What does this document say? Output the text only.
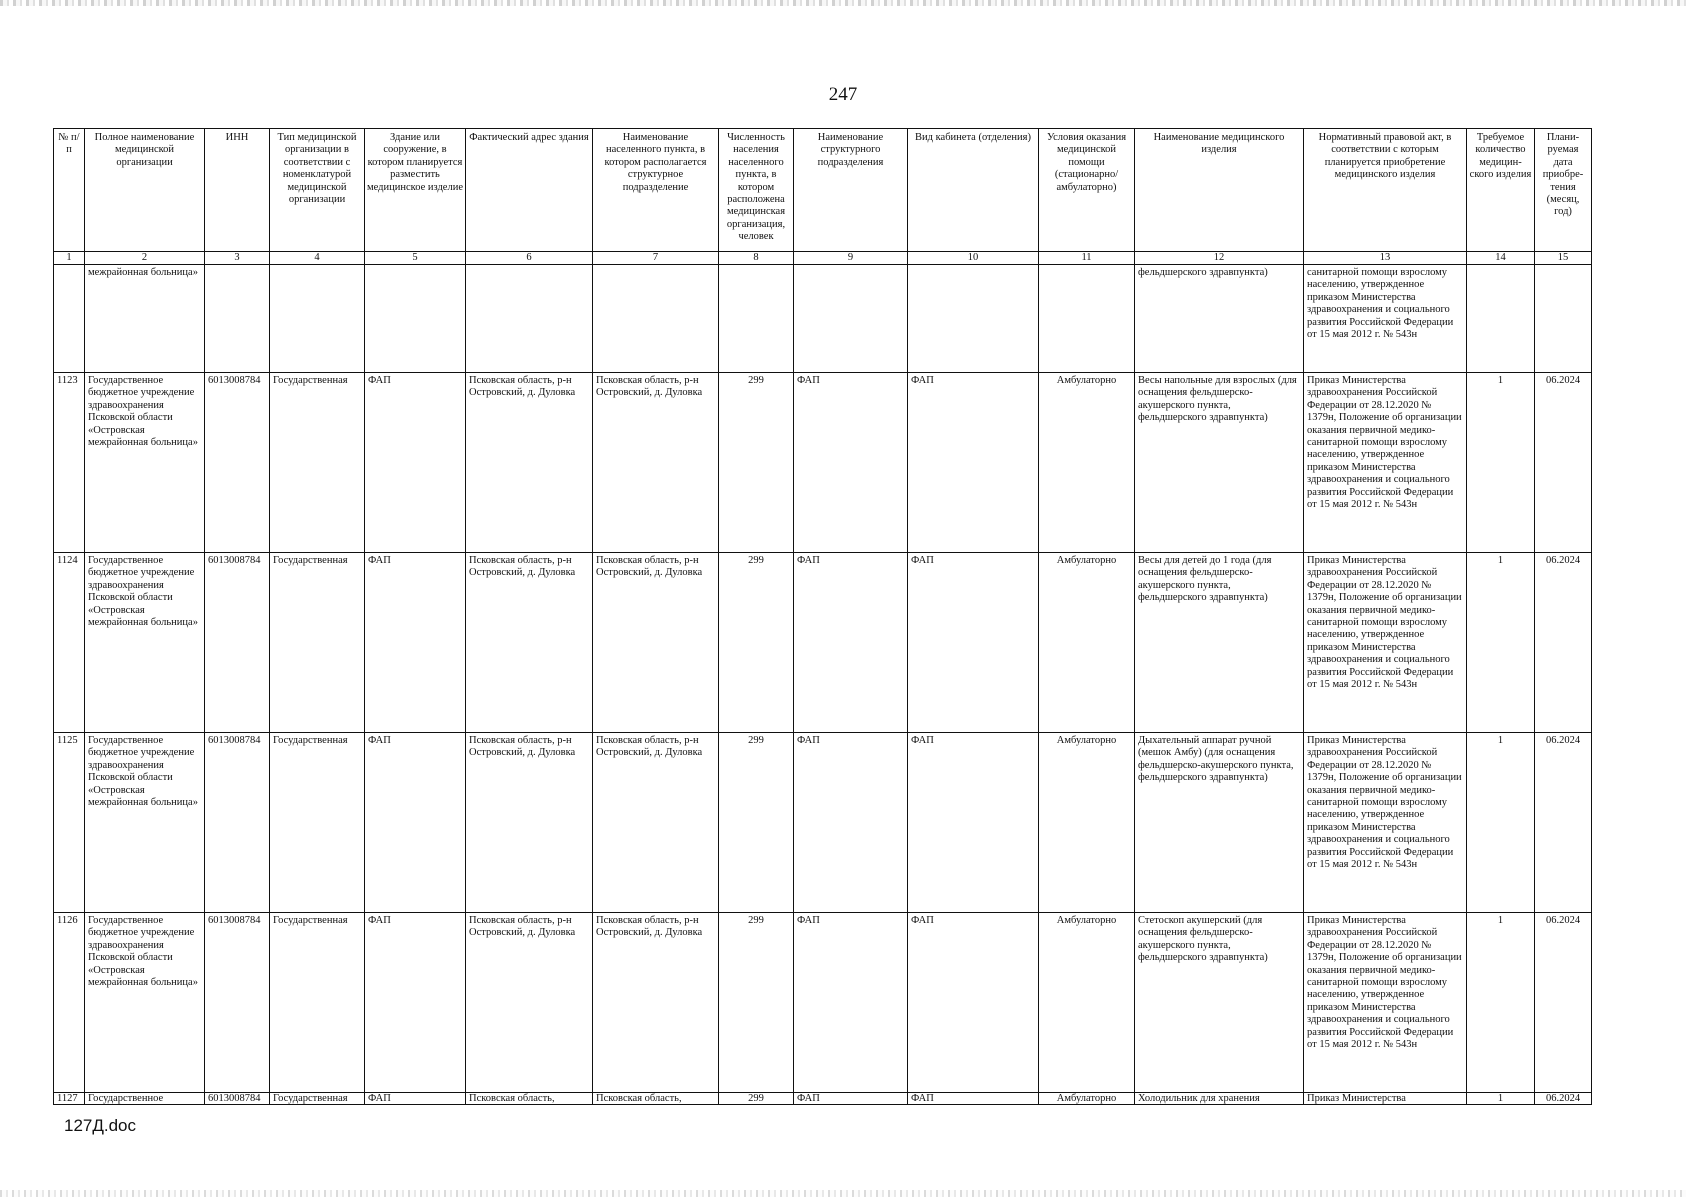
247
№ п/п	Полное наименование медицинской организации	ИНН	Тип медицинской организации в соответствии с номенклатурой медицинской организации	Здание или сооружение, в котором планируется разместить медицинское изделие	Фактический адрес здания	Наименование населенного пункта, в котором располагается структурное подразделение	Численность населения населенного пункта, в котором расположена медицинская организация, человек	Наименование структурного подразделения	Вид кабинета (отделения)	Условия оказания медицинской помощи (стационарно/ амбулаторно)	Наименование медицинского изделия	Нормативный правовой акт, в соответствии с которым планируется приобретение медицинского изделия	Требуемое количество медицин-ского изделия	Плани-руемая дата приобре-тения (месяц, год)
1	2	3	4	5	6	7	8	9	10	11	12	13	14	15
	межрайонная больница»										фельдшерского здравпункта)	санитарной помощи взрослому населению, утвержденное приказом Министерства здравоохранения и социального развития Российской Федерации от 15 мая 2012 г. № 543н		
1123	Государственное бюджетное учреждение здравоохранения Псковской области «Островская межрайонная больница»	6013008784	Государственная	ФАП	Псковская область, р-н Островский, д. Дуловка	Псковская область, р-н Островский, д. Дуловка	299	ФАП	ФАП	Амбулаторно	Весы напольные для взрослых (для оснащения фельдшерско-акушерского пункта, фельдшерского здравпункта)	Приказ Министерства здравоохранения Российской Федерации от 28.12.2020 № 1379н, Положение об организации оказания первичной медико-санитарной помощи взрослому населению, утвержденное приказом Министерства здравоохранения и социального развития Российской Федерации от 15 мая 2012 г. № 543н	1	06.2024
1124	Государственное бюджетное учреждение здравоохранения Псковской области «Островская межрайонная больница»	6013008784	Государственная	ФАП	Псковская область, р-н Островский, д. Дуловка	Псковская область, р-н Островский, д. Дуловка	299	ФАП	ФАП	Амбулаторно	Весы для детей до 1 года (для оснащения фельдшерско-акушерского пункта, фельдшерского здравпункта)	Приказ Министерства здравоохранения Российской Федерации от 28.12.2020 № 1379н, Положение об организации оказания первичной медико-санитарной помощи взрослому населению, утвержденное приказом Министерства здравоохранения и социального развития Российской Федерации от 15 мая 2012 г. № 543н	1	06.2024
1125	Государственное бюджетное учреждение здравоохранения Псковской области «Островская межрайонная больница»	6013008784	Государственная	ФАП	Псковская область, р-н Островский, д. Дуловка	Псковская область, р-н Островский, д. Дуловка	299	ФАП	ФАП	Амбулаторно	Дыхательный аппарат ручной (мешок Амбу) (для оснащения фельдшерско-акушерского пункта, фельдшерского здравпункта)	Приказ Министерства здравоохранения Российской Федерации от 28.12.2020 № 1379н, Положение об организации оказания первичной медико-санитарной помощи взрослому населению, утвержденное приказом Министерства здравоохранения и социального развития Российской Федерации от 15 мая 2012 г. № 543н	1	06.2024
1126	Государственное бюджетное учреждение здравоохранения Псковской области «Островская межрайонная больница»	6013008784	Государственная	ФАП	Псковская область, р-н Островский, д. Дуловка	Псковская область, р-н Островский, д. Дуловка	299	ФАП	ФАП	Амбулаторно	Стетоскоп акушерский (для оснащения фельдшерско-акушерского пункта, фельдшерского здравпункта)	Приказ Министерства здравоохранения Российской Федерации от 28.12.2020 № 1379н, Положение об организации оказания первичной медико-санитарной помощи взрослому населению, утвержденное приказом Министерства здравоохранения и социального развития Российской Федерации от 15 мая 2012 г. № 543н	1	06.2024
1127	Государственное	6013008784	Государственная	ФАП	Псковская область,	Псковская область,	299	ФАП	ФАП	Амбулаторно	Холодильник для хранения	Приказ Министерства	1	06.2024
127Д.doc
